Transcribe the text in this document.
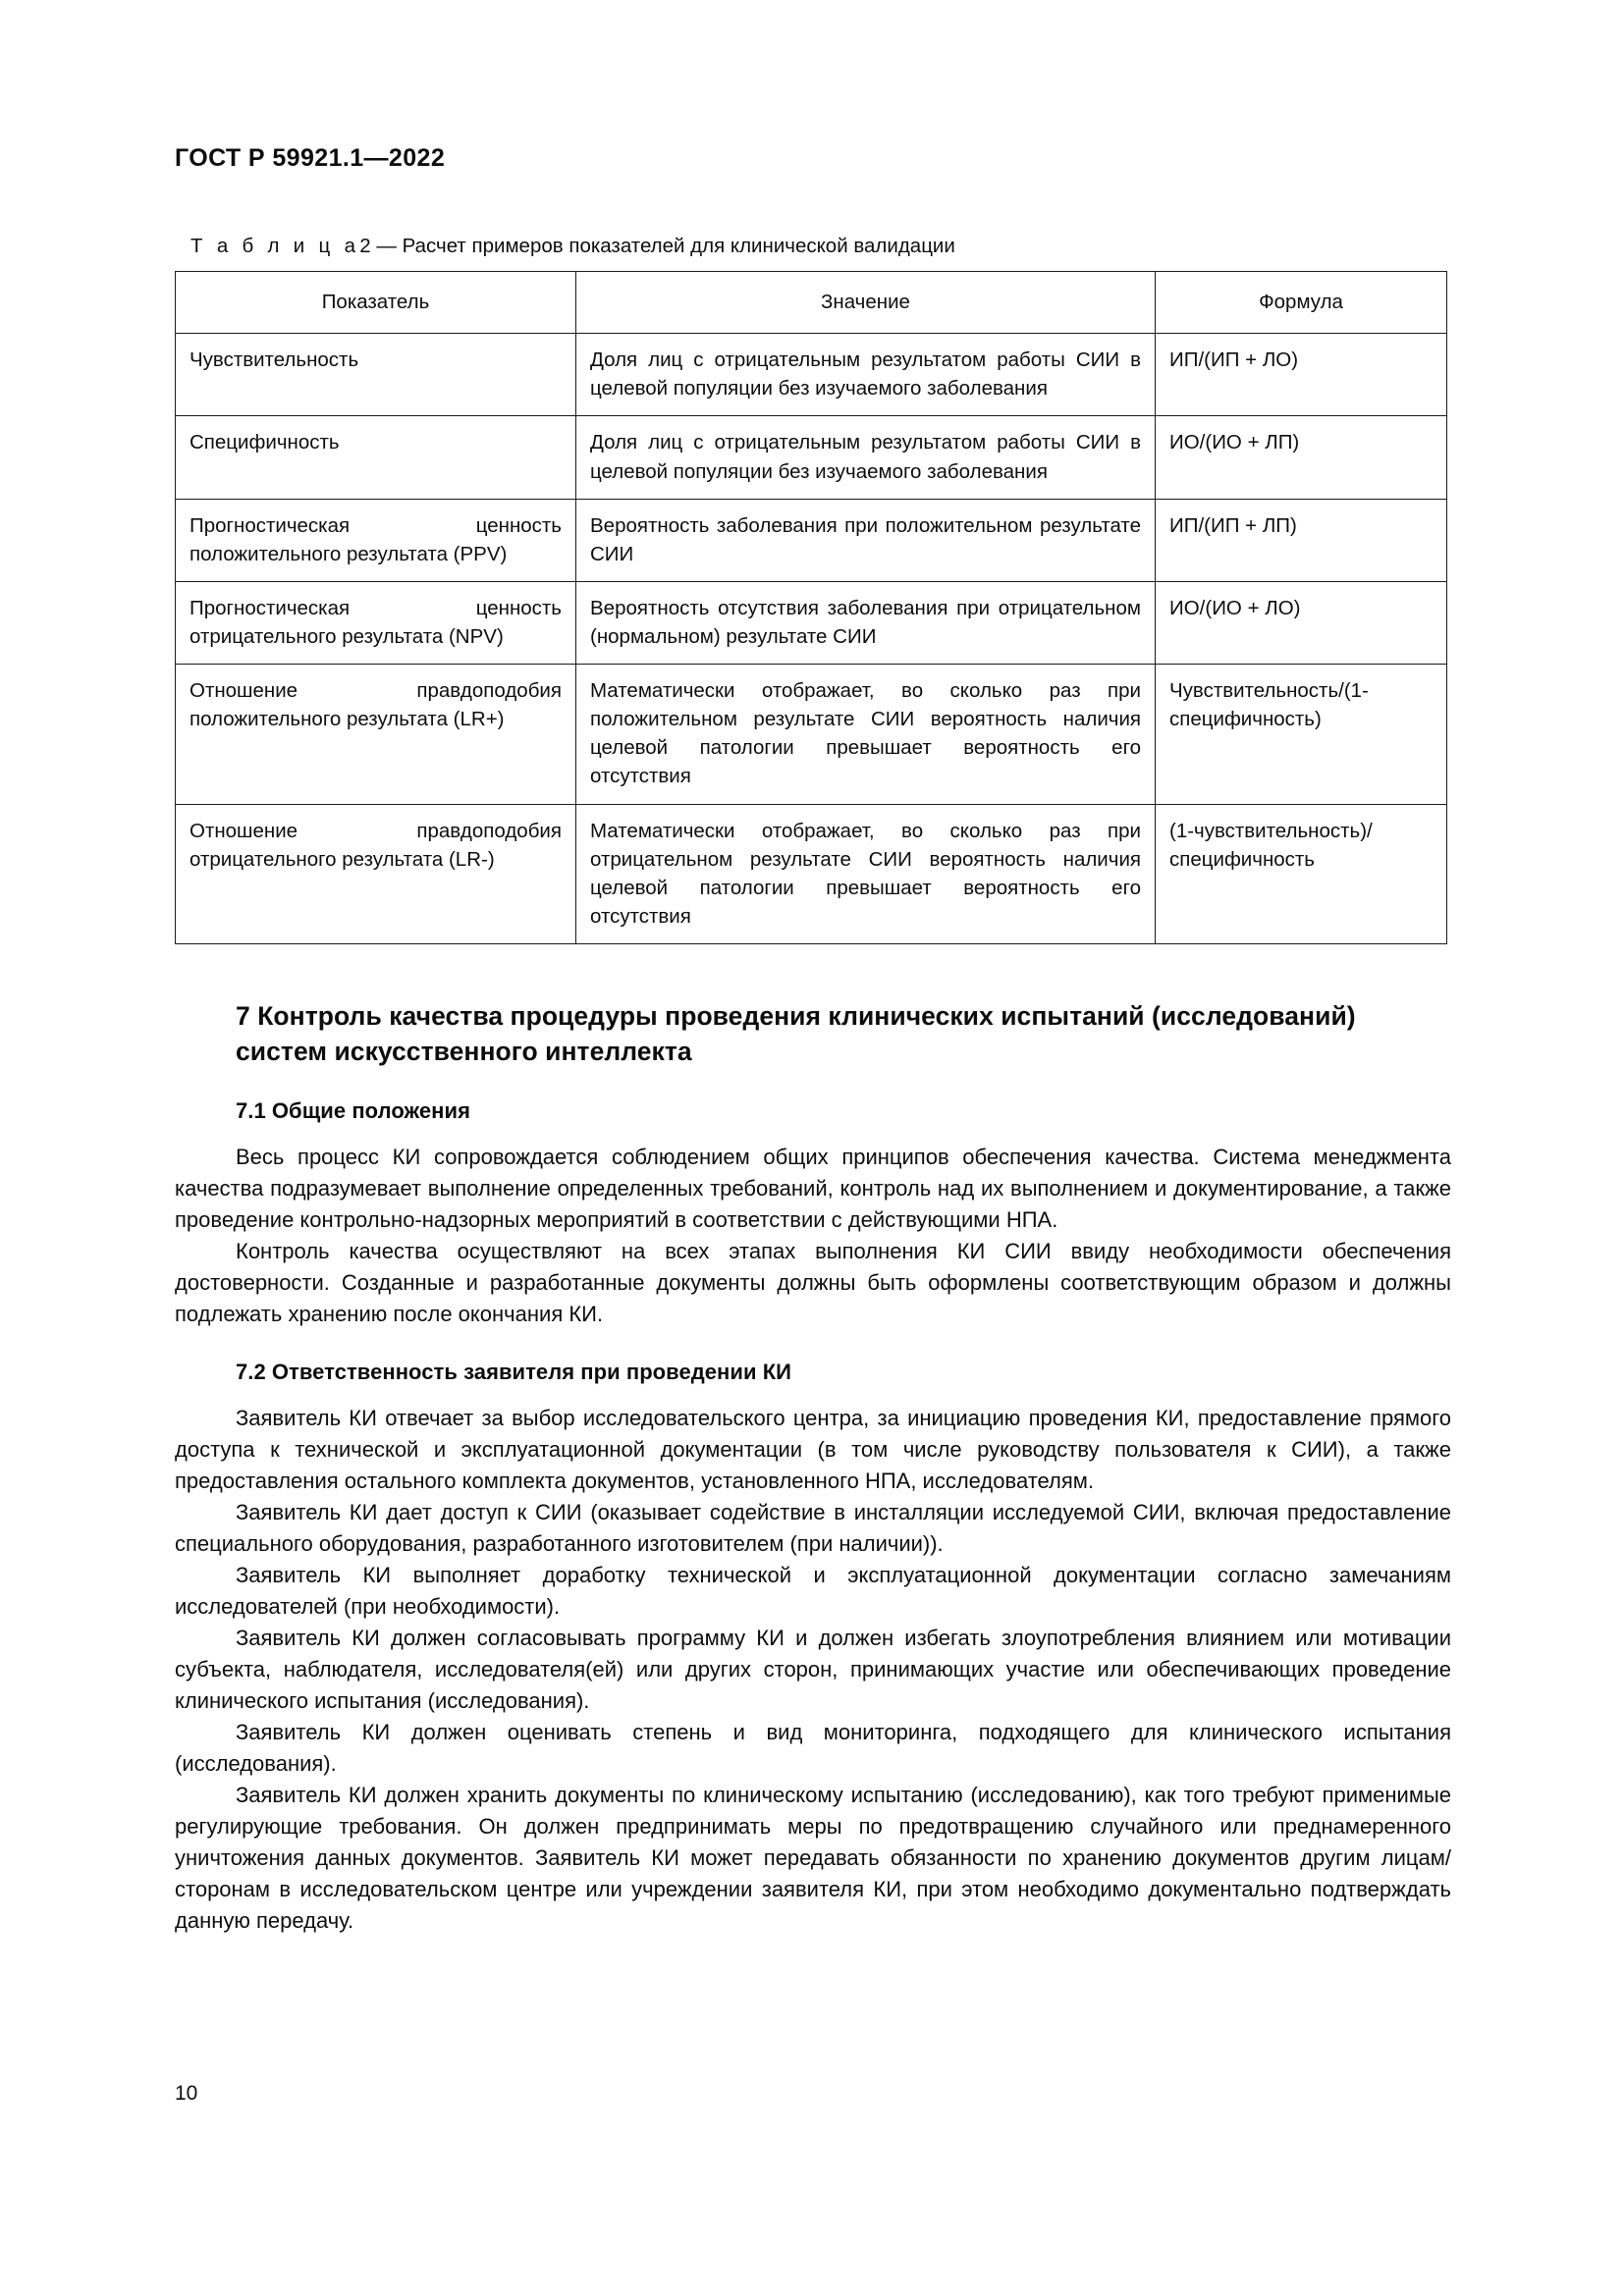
ГОСТ Р 59921.1—2022
Т а б л и ц а2 — Расчет примеров показателей для клинической валидации
Показатель	Значение	Формула
Чувствительность	Доля лиц с отрицательным результатом работы СИИ в целевой популяции без изучаемого заболевания	ИП/(ИП + ЛО)
Специфичность	Доля лиц с отрицательным результатом работы СИИ в целевой популяции без изучаемого заболевания	ИО/(ИО + ЛП)
Прогностическая ценность положительного результата (PPV)	Вероятность заболевания при положительном результате СИИ	ИП/(ИП + ЛП)
Прогностическая ценность отрицательного результата (NPV)	Вероятность отсутствия заболевания при отрицательном (нормальном) результате СИИ	ИО/(ИО + ЛО)
Отношение правдоподобия положительного результата (LR+)	Математически отображает, во сколько раз при положительном результате СИИ вероятность наличия целевой патологии превышает вероятность его отсутствия	Чувствительность/(1-специфичность)
Отношение правдоподобия отрицательного результата (LR-)	Математически отображает, во сколько раз при отрицательном результате СИИ вероятность наличия целевой патологии превышает вероятность его отсутствия	(1-чувствительность)/специфичность
7 Контроль качества процедуры проведения клинических испытаний (исследований) систем искусственного интеллекта
7.1 Общие положения

Весь процесс КИ сопровождается соблюдением общих принципов обеспечения качества. Система менеджмента качества подразумевает выполнение определенных требований, контроль над их выполнением и документирование, а также проведение контрольно-надзорных мероприятий в соответствии с действующими НПА.

Контроль качества осуществляют на всех этапах выполнения КИ СИИ ввиду необходимости обеспечения достоверности. Созданные и разработанные документы должны быть оформлены соответствующим образом и должны подлежать хранению после окончания КИ.

7.2 Ответственность заявителя при проведении КИ

Заявитель КИ отвечает за выбор исследовательского центра, за инициацию проведения КИ, предоставление прямого доступа к технической и эксплуатационной документации (в том числе руководству пользователя к СИИ), а также предоставления остального комплекта документов, установленного НПА, исследователям.

Заявитель КИ дает доступ к СИИ (оказывает содействие в инсталляции исследуемой СИИ, включая предоставление специального оборудования, разработанного изготовителем (при наличии)).

Заявитель КИ выполняет доработку технической и эксплуатационной документации согласно замечаниям исследователей (при необходимости).

Заявитель КИ должен согласовывать программу КИ и должен избегать злоупотребления влиянием или мотивации субъекта, наблюдателя, исследователя(ей) или других сторон, принимающих участие или обеспечивающих проведение клинического испытания (исследования).

Заявитель КИ должен оценивать степень и вид мониторинга, подходящего для клинического испытания (исследования).

Заявитель КИ должен хранить документы по клиническому испытанию (исследованию), как того требуют применимые регулирующие требования. Он должен предпринимать меры по предотвращению случайного или преднамеренного уничтожения данных документов. Заявитель КИ может передавать обязанности по хранению документов другим лицам/сторонам в исследовательском центре или учреждении заявителя КИ, при этом необходимо документально подтверждать данную передачу.

10
